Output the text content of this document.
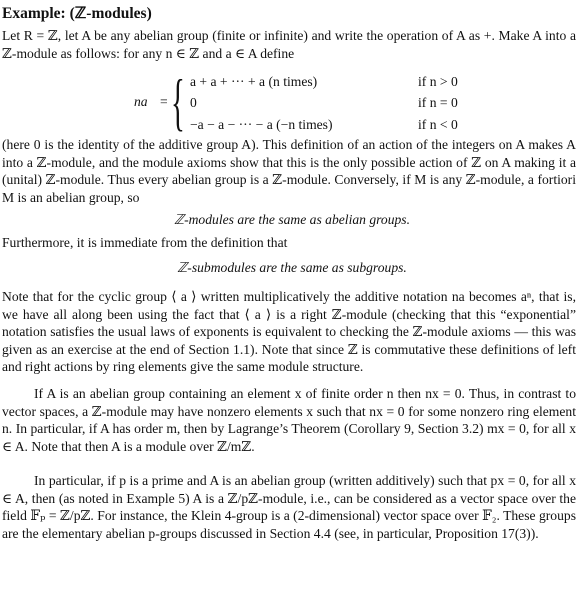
Example: (ℤ-modules)
Let R = ℤ, let A be any abelian group (finite or infinite) and write the operation of A as +. Make A into a ℤ-module as follows: for any n ∈ ℤ and a ∈ A define
na = { a + a + ··· + a (n times)	if n > 0
0	if n = 0
−a − a − ··· − a (−n times)	if n < 0
(here 0 is the identity of the additive group A). This definition of an action of the integers on A makes A into a ℤ-module, and the module axioms show that this is the only possible action of ℤ on A making it a (unital) ℤ-module. Thus every abelian group is a ℤ-module. Conversely, if M is any ℤ-module, a fortiori M is an abelian group, so
ℤ-modules are the same as abelian groups.
Furthermore, it is immediate from the definition that
ℤ-submodules are the same as subgroups.
Note that for the cyclic group ⟨ a ⟩ written multiplicatively the additive notation na becomes aⁿ, that is, we have all along been using the fact that ⟨ a ⟩ is a right ℤ-module (checking that this “exponential” notation satisfies the usual laws of exponents is equivalent to checking the ℤ-module axioms — this was given as an exercise at the end of Section 1.1). Note that since ℤ is commutative these definitions of left and right actions by ring elements give the same module structure.
If A is an abelian group containing an element x of finite order n then nx = 0. Thus, in contrast to vector spaces, a ℤ-module may have nonzero elements x such that nx = 0 for some nonzero ring element n. In particular, if A has order m, then by Lagrange’s Theorem (Corollary 9, Section 3.2) mx = 0, for all x ∈ A. Note that then A is a module over ℤ/mℤ.
In particular, if p is a prime and A is an abelian group (written additively) such that px = 0, for all x ∈ A, then (as noted in Example 5) A is a ℤ/pℤ-module, i.e., can be considered as a vector space over the field 𝔽ₚ = ℤ/pℤ. For instance, the Klein 4-group is a (2-dimensional) vector space over 𝔽₂. These groups are the elementary abelian p-groups discussed in Section 4.4 (see, in particular, Proposition 17(3)).
